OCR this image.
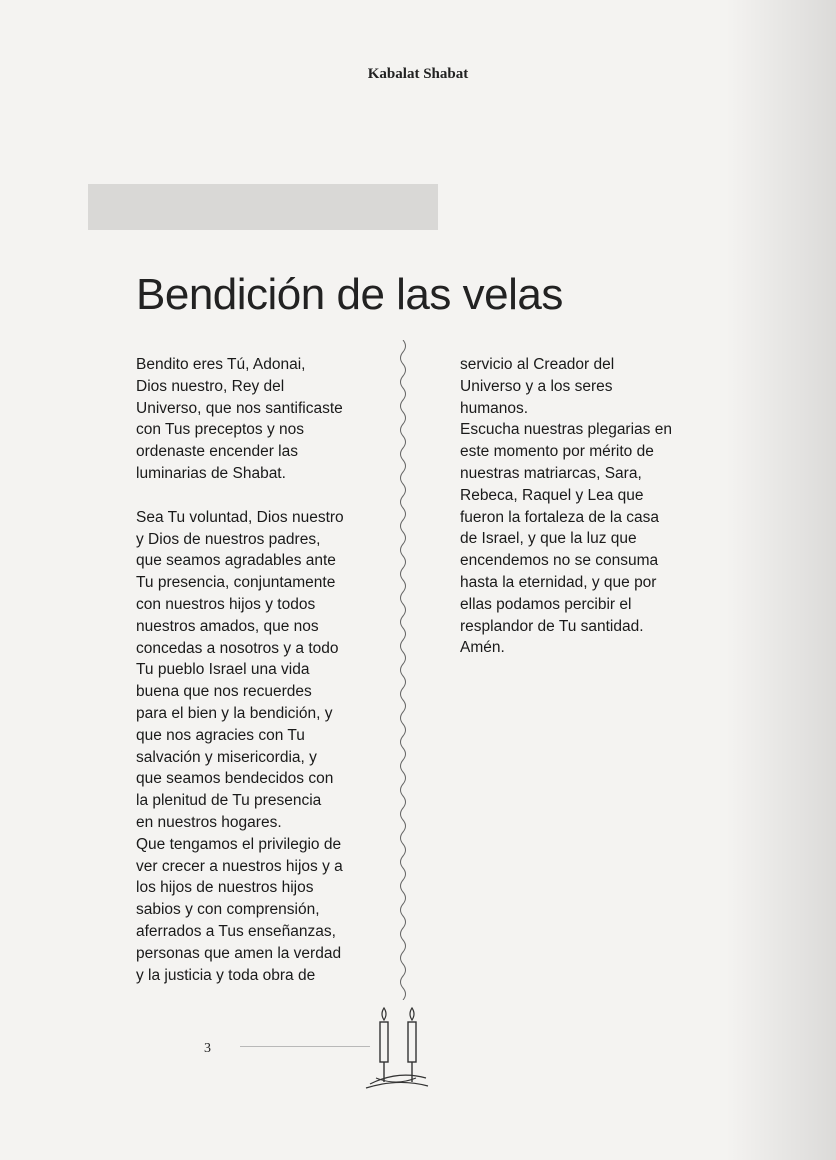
Kabalat Shabat
Bendición de las velas

Bendito eres Tú, Adonai,
Dios nuestro, Rey del
Universo, que nos santificaste
con Tus preceptos y nos
ordenaste encender las
luminarias de Shabat.

Sea Tu voluntad, Dios nuestro
y Dios de nuestros padres,
que seamos agradables ante
Tu presencia, conjuntamente
con nuestros hijos y todos
nuestros amados, que nos
concedas a nosotros y a todo
Tu pueblo Israel una vida
buena que nos recuerdes
para el bien y la bendición, y
que nos agracies con Tu
salvación y misericordia, y
que seamos bendecidos con
la plenitud de Tu presencia
en nuestros hogares.
Que tengamos el privilegio de
ver crecer a nuestros hijos y a
los hijos de nuestros hijos
sabios y con comprensión,
aferrados a Tus enseñanzas,
personas que amen la verdad
y la justicia y toda obra de

servicio al Creador del
Universo y a los seres
humanos.
Escucha nuestras plegarias en
este momento por mérito de
nuestras matriarcas, Sara,
Rebeca, Raquel y Lea que
fueron la fortaleza de la casa
de Israel, y que la luz que
encendemos no se consuma
hasta la eternidad, y que por
ellas podamos percibir el
resplandor de Tu santidad.
Amén.

3
